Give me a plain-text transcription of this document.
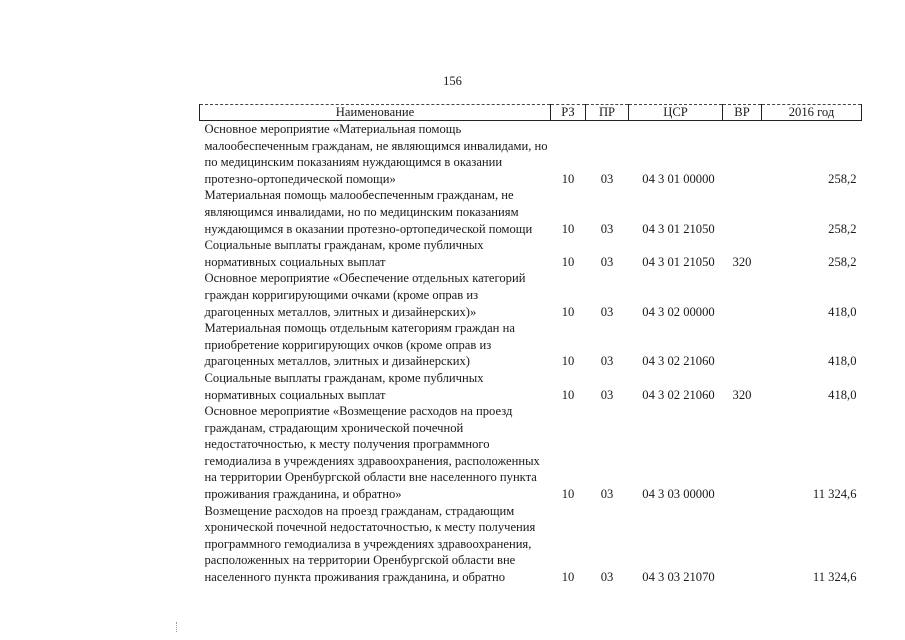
156
Наименование	РЗ	ПР	ЦСР	ВР	2016 год
Основное мероприятие «Материальная помощь малообеспеченным гражданам, не являющимся инвалидами, но по медицинским показаниям нуждающимся в оказании протезно-ортопедической помощи»	10	03	04 3 01 00000		258,2
Материальная помощь малообеспеченным гражданам, не являющимся инвалидами, но по медицинским показаниям нуждающимся в оказании протезно-ортопедической помощи	10	03	04 3 01 21050		258,2
Социальные выплаты гражданам, кроме публичных нормативных социальных выплат	10	03	04 3 01 21050	320	258,2
Основное мероприятие «Обеспечение отдельных категорий граждан корригирующими очками (кроме оправ из драгоценных металлов, элитных и дизайнерских)»	10	03	04 3 02 00000		418,0
Материальная помощь отдельным категориям граждан на приобретение корригирующих очков (кроме оправ из драгоценных металлов, элитных и дизайнерских)	10	03	04 3 02 21060		418,0
Социальные выплаты гражданам, кроме публичных нормативных социальных выплат	10	03	04 3 02 21060	320	418,0
Основное мероприятие «Возмещение расходов на проезд гражданам, страдающим хронической почечной недостаточностью, к месту получения программного гемодиализа в учреждениях здравоохранения, расположенных на территории Оренбургской области вне населенного пункта проживания гражданина, и обратно»	10	03	04 3 03 00000		11 324,6
Возмещение расходов на проезд гражданам, страдающим хронической почечной недостаточностью, к месту получения программного гемодиализа в учреждениях здравоохранения, расположенных на территории Оренбургской области вне населенного пункта проживания гражданина, и обратно	10	03	04 3 03 21070		11 324,6
